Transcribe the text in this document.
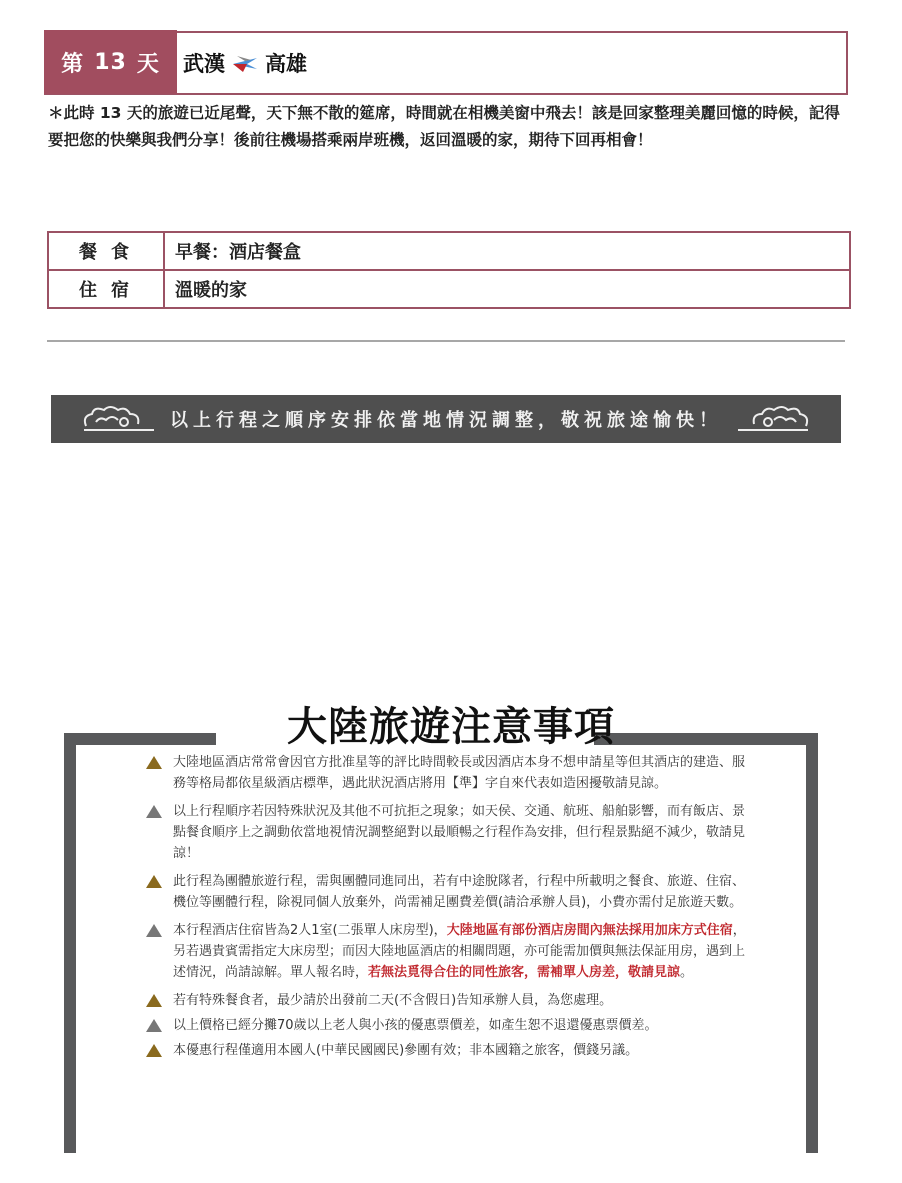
第 13 天 武漢 高雄
＊此時 13 天的旅遊已近尾聲，天下無不散的筵席，時間就在相機美窗中飛去！該是回家整理美麗回憶的時候，記得要把您的快樂與我們分享！後前往機場搭乘兩岸班機，返回溫暖的家，期待下回再相會！
餐食	早餐：酒店餐盒
住宿	溫暖的家
以上行程之順序安排依當地情況調整，敬祝旅途愉快！
大陸旅遊注意事項
大陸地區酒店常常會因官方批准星等的評比時間較長或因酒店本身不想申請星等但其酒店的建造、服務等格局都依星級酒店標準，遇此狀況酒店將用【準】字自來代表如造困擾敬請見諒。
以上行程順序若因特殊狀況及其他不可抗拒之現象；如天侯、交通、航班、船舶影響，而有飯店、景點餐食順序上之調動依當地視情況調整絕對以最順暢之行程作為安排，但行程景點絕不減少，敬請見諒！
此行程為團體旅遊行程，需與團體同進同出，若有中途脫隊者，行程中所載明之餐食、旅遊、住宿、機位等團體行程，除視同個人放棄外，尚需補足團費差價(請洽承辦人員)，小費亦需付足旅遊天數。
本行程酒店住宿皆為2人1室(二張單人床房型)，大陸地區有部份酒店房間內無法採用加床方式住宿，另若遇貴賓需指定大床房型；而因大陸地區酒店的相關問題，亦可能需加價與無法保証用房，遇到上述情況，尚請諒解。單人報名時，若無法覓得合住的同性旅客，需補單人房差，敬請見諒。
若有特殊餐食者，最少請於出發前二天(不含假日)告知承辦人員，為您處理。
以上價格已經分攤70歲以上老人與小孩的優惠票價差，如產生恕不退還優惠票價差。
本優惠行程僅適用本國人(中華民國國民)參團有效；非本國籍之旅客，價錢另議。
